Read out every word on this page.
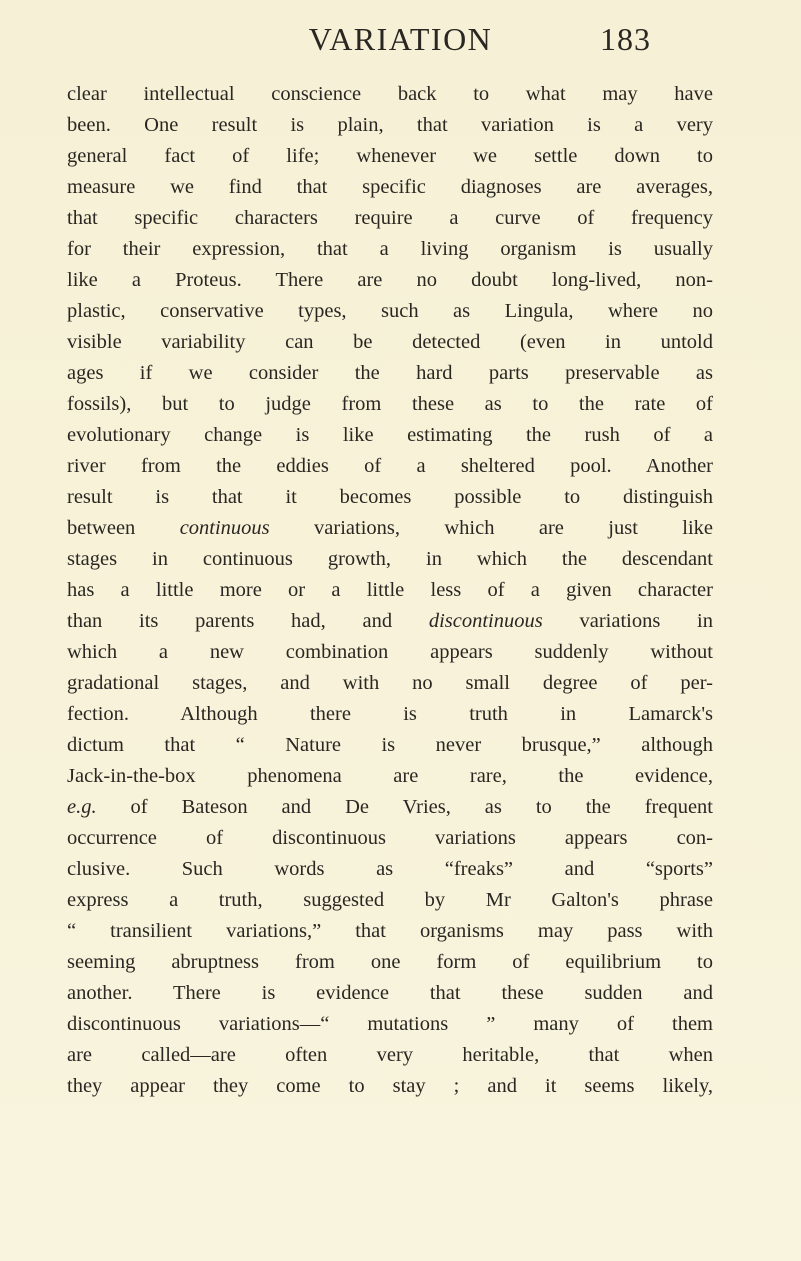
VARIATION	183
clear intellectual conscience back to what may have
been. One result is plain, that variation is a very
general fact of life; whenever we settle down to
measure we find that specific diagnoses are averages,
that specific characters require a curve of frequency
for their expression, that a living organism is usually
like a Proteus. There are no doubt long-lived, non-
plastic, conservative types, such as Lingula, where no
visible variability can be detected (even in untold
ages if we consider the hard parts preservable as
fossils), but to judge from these as to the rate of
evolutionary change is like estimating the rush of a
river from the eddies of a sheltered pool. Another
result is that it becomes possible to distinguish
between continuous variations, which are just like
stages in continuous growth, in which the descendant
has a little more or a little less of a given character
than its parents had, and discontinuous variations in
which a new combination appears suddenly without
gradational stages, and with no small degree of per-
fection. Although there is truth in Lamarck's
dictum that “ Nature is never brusque,” although
Jack-in-the-box phenomena are rare, the evidence,
e.g. of Bateson and De Vries, as to the frequent
occurrence of discontinuous variations appears con-
clusive. Such words as “freaks” and “sports”
express a truth, suggested by Mr Galton's phrase
“ transilient variations,” that organisms may pass with
seeming abruptness from one form of equilibrium to
another. There is evidence that these sudden and
discontinuous variations—“ mutations ” many of them
are called—are often very heritable, that when
they appear they come to stay ; and it seems likely,
